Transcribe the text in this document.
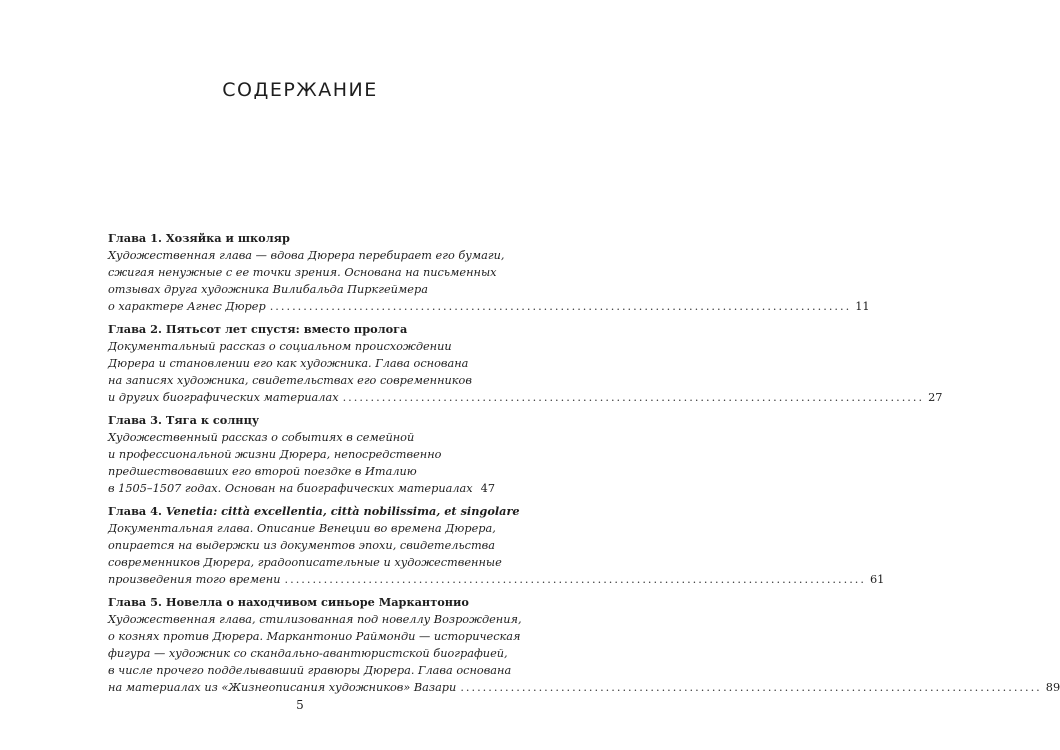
СОДЕРЖАНИЕ
Глава 1. Хозяйка и школяр
Художественная глава — вдова Дюрера перебирает его бумаги,
сжигая ненужные с ее точки зрения. Основана на письменных
отзывах друга художника Вилибальда Пиркгеймера
о характере Агнес Дюрер ........................................................................................................ 11
Глава 2. Пятьсот лет спустя: вместо пролога
Документальный рассказ о социальном происхождении
Дюрера и становлении его как художника. Глава основана
на записях художника, свидетельствах его современников
и других биографических материалах ........................................................................................................ 27
Глава 3. Тяга к солнцу
Художественный рассказ о событиях в семейной
и профессиональной жизни Дюрера, непосредственно
предшествовавших его второй поездке в Италию
в 1505–1507 годах. Основан на биографических материалах 47
Глава 4. Venetia: città excellentia, città nobilissima, et singolare
Документальная глава. Описание Венеции во времена Дюрера,
опирается на выдержки из документов эпохи, свидетельства
современников Дюрера, градоописательные и художественные
произведения того времени ........................................................................................................ 61
Глава 5. Новелла о находчивом синьоре Маркантонио
Художественная глава, стилизованная под новеллу Возрождения,
о кознях против Дюрера. Маркантонио Раймонди — историческая
фигура — художник со скандально-авантюристской биографией,
в числе прочего подделывавший гравюры Дюрера. Глава основана
на материалах из «Жизнеописания художников» Вазари ........................................................................................................ 89
5
